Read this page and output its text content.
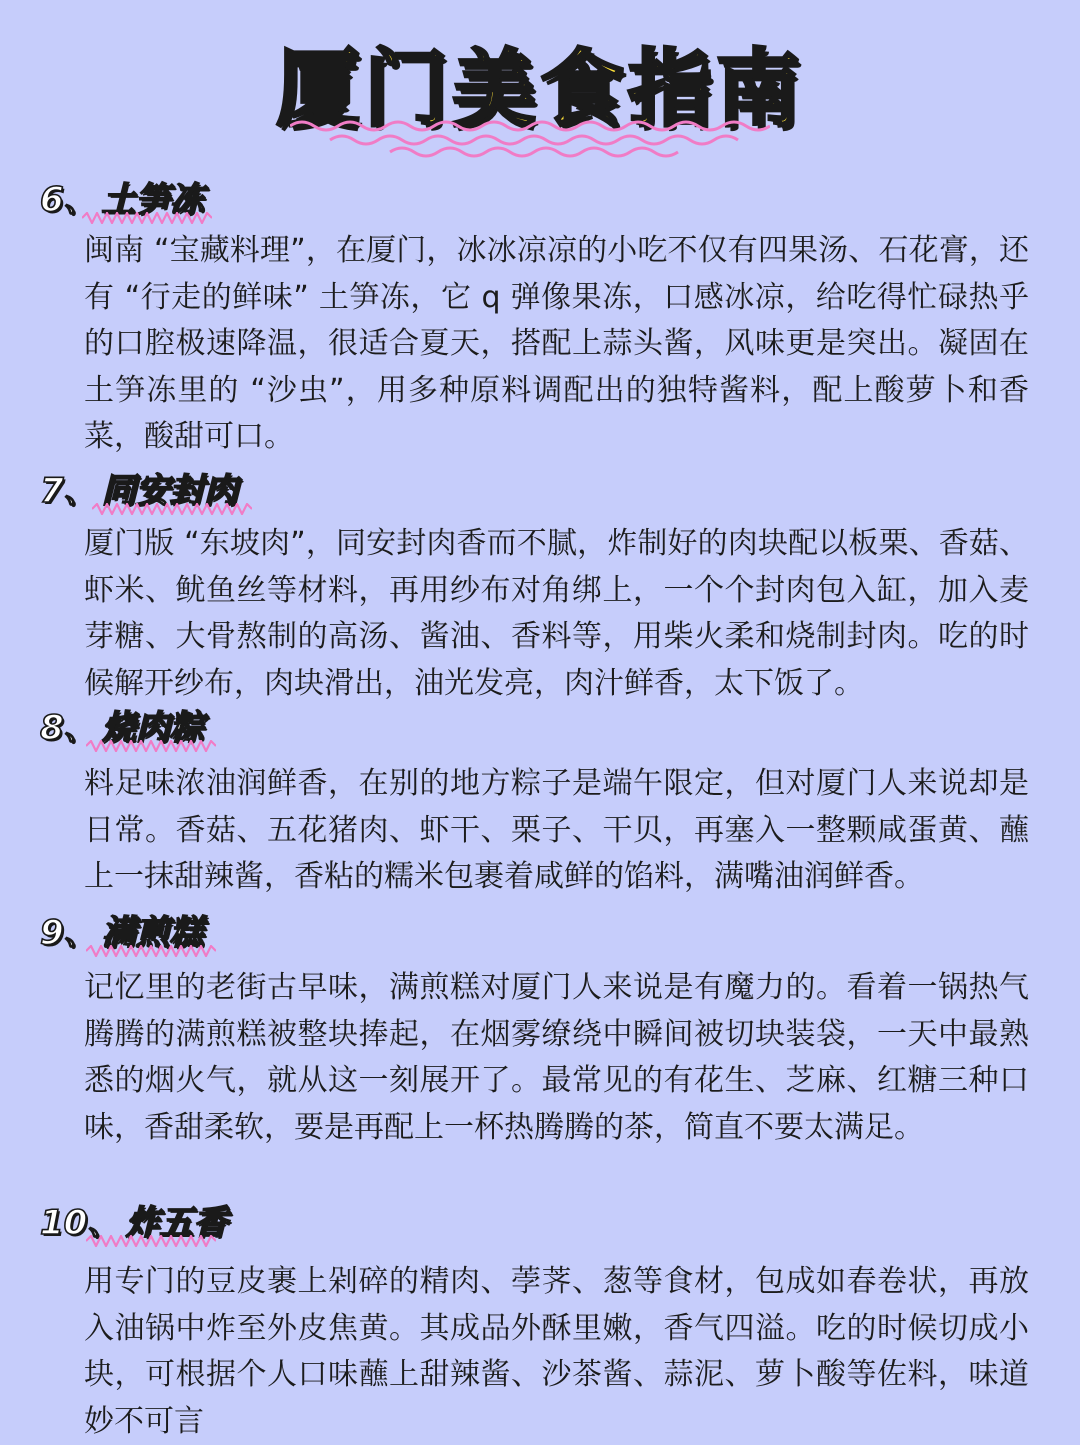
厦门美食指南
6、 土笋冻

闽南 “宝藏料理”，在厦门，冰冰凉凉的小吃不仅有四果汤、石花膏，还有 “行走的鲜味” 土笋冻，它 q 弹像果冻，口感冰凉，给吃得忙碌热乎的口腔极速降温，很适合夏天，搭配上蒜头酱，风味更是突出。凝固在土笋冻里的 “沙虫”，用多种原料调配出的独特酱料，配上酸萝卜和香菜，酸甜可口。

7、 同安封肉

厦门版 “东坡肉”，同安封肉香而不腻，炸制好的肉块配以板栗、香菇、虾米、鱿鱼丝等材料，再用纱布对角绑上，一个个封肉包入缸，加入麦芽糖、大骨熬制的高汤、酱油、香料等，用柴火柔和烧制封肉。吃的时候解开纱布，肉块滑出，油光发亮，肉汁鲜香，太下饭了。

8、 烧肉粽

料足味浓油润鲜香，在别的地方粽子是端午限定，但对厦门人来说却是日常。香菇、五花猪肉、虾干、栗子、干贝，再塞入一整颗咸蛋黄、蘸上一抹甜辣酱，香粘的糯米包裹着咸鲜的馅料，满嘴油润鲜香。

9、 满煎糕

记忆里的老街古早味，满煎糕对厦门人来说是有魔力的。看着一锅热气腾腾的满煎糕被整块捧起，在烟雾缭绕中瞬间被切块装袋，一天中最熟悉的烟火气，就从这一刻展开了。最常见的有花生、芝麻、红糖三种口味，香甜柔软，要是再配上一杯热腾腾的茶，简直不要太满足。

10、 炸五香

用专门的豆皮裹上剁碎的精肉、荸荠、葱等食材，包成如春卷状，再放入油锅中炸至外皮焦黄。其成品外酥里嫩，香气四溢。吃的时候切成小块，可根据个人口味蘸上甜辣酱、沙茶酱、蒜泥、萝卜酸等佐料，味道妙不可言
